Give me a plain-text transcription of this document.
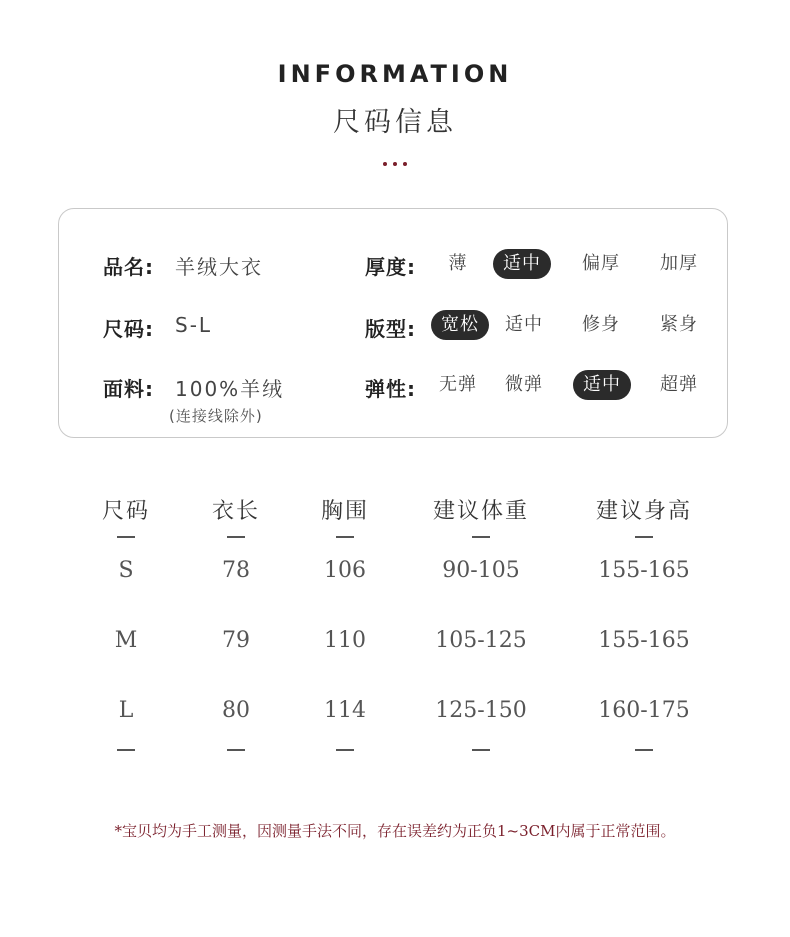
INFORMATION
尺码信息
品名: 羊绒大衣
尺码: S-L
面料: 100%羊绒
(连接线除外)
厚度:	薄	适中	偏厚	加厚
版型:	宽松	适中	修身	紧身
弹性:	无弹	微弹	适中	超弹
尺码	衣长	胸围	建议体重	建议身高
S	78	106	90-105	155-165
M	79	110	105-125	155-165
L	80	114	125-150	160-175
*宝贝均为手工测量，因测量手法不同，存在误差约为正负1~3CM内属于正常范围。
